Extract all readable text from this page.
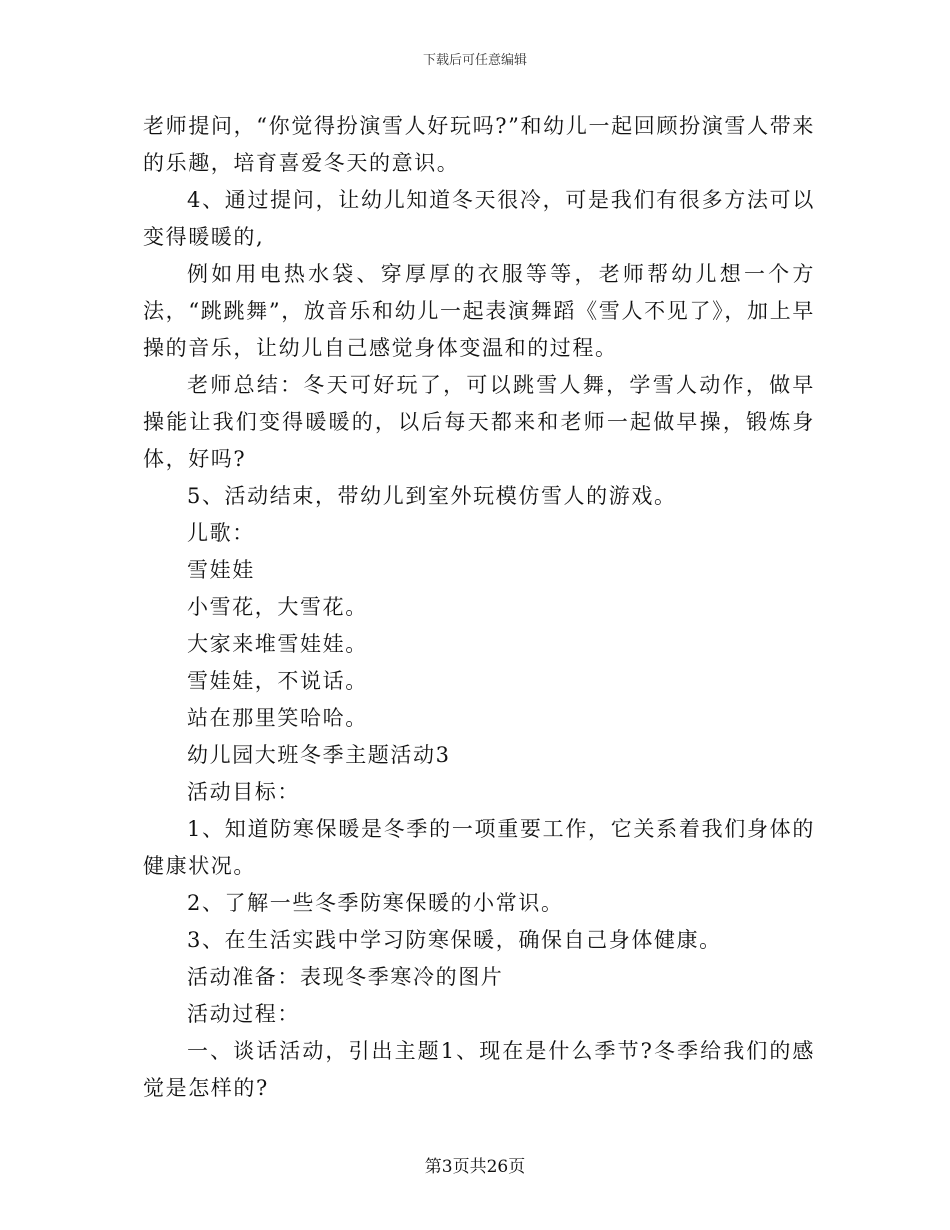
下载后可任意编辑

老师提问，“你觉得扮演雪人好玩吗?”和幼儿一起回顾扮演雪人带来的乐趣，培育喜爱冬天的意识。

4、通过提问，让幼儿知道冬天很冷，可是我们有很多方法可以变得暖暖的,

例如用电热水袋、穿厚厚的衣服等等，老师帮幼儿想一个方法，“跳跳舞”，放音乐和幼儿一起表演舞蹈《雪人不见了》，加上早操的音乐，让幼儿自己感觉身体变温和的过程。

老师总结：冬天可好玩了，可以跳雪人舞，学雪人动作，做早操能让我们变得暖暖的，以后每天都来和老师一起做早操，锻炼身体，好吗?

5、活动结束，带幼儿到室外玩模仿雪人的游戏。

儿歌：

雪娃娃

小雪花，大雪花。

大家来堆雪娃娃。

雪娃娃，不说话。

站在那里笑哈哈。

幼儿园大班冬季主题活动3

活动目标：

1、知道防寒保暖是冬季的一项重要工作，它关系着我们身体的健康状况。

2、了解一些冬季防寒保暖的小常识。

3、在生活实践中学习防寒保暖，确保自己身体健康。

活动准备：表现冬季寒冷的图片

活动过程：

一、谈话活动，引出主题1、现在是什么季节?冬季给我们的感觉是怎样的?

第3页共26页
